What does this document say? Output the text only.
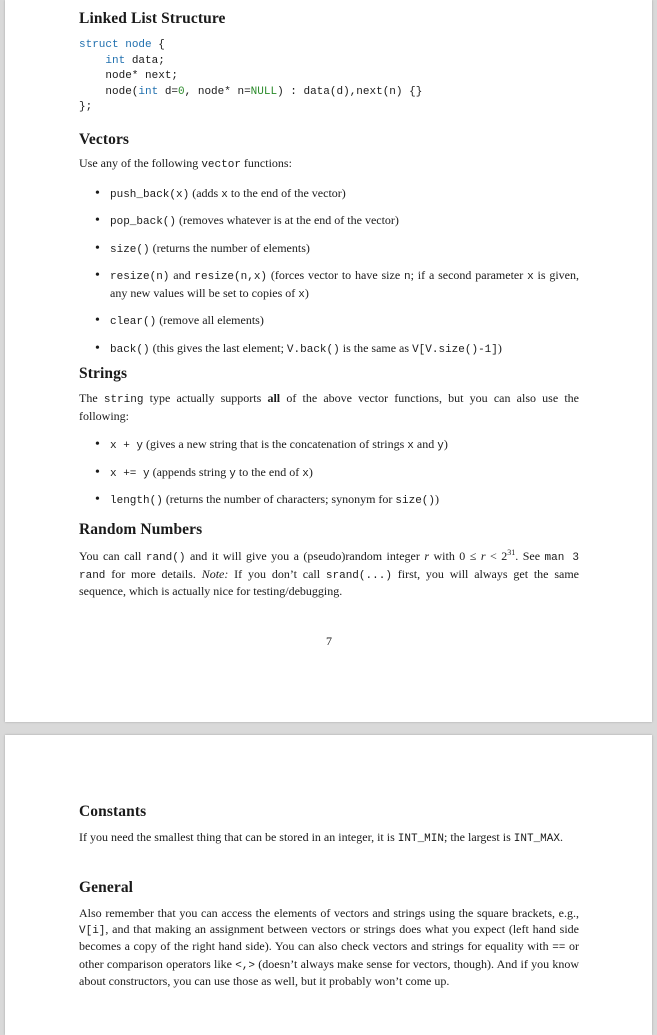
Linked List Structure
struct node {
int data;
node* next;
node(int d=0, node* n=NULL) : data(d),next(n) {}
};
Vectors

Use any of the following vector functions:

• push_back(x) (adds x to the end of the vector)
• pop_back() (removes whatever is at the end of the vector)
• size() (returns the number of elements)
• resize(n) and resize(n,x) (forces vector to have size n; if a second parameter x is given, any new values will be set to copies of x)
• clear() (remove all elements)
• back() (this gives the last element; V.back() is the same as V[V.size()-1])
Strings

The string type actually supports all of the above vector functions, but you can also use the following:

• x + y (gives a new string that is the concatenation of strings x and y)
• x += y (appends string y to the end of x)
• length() (returns the number of characters; synonym for size())
Random Numbers

You can call rand() and it will give you a (pseudo)random integer r with $0 \le r < 2^{31}$. See man 3 rand for more details. Note: If you don’t call srand(...) first, you will always get the same sequence, which is actually nice for testing/debugging.

7
Constants

If you need the smallest thing that can be stored in an integer, it is INT_MIN; the largest is INT_MAX.

General

Also remember that you can access the elements of vectors and strings using the square brackets, e.g., V[i], and that making an assignment between vectors or strings does what you expect (left hand side becomes a copy of the right hand side). You can also check vectors and strings for equality with == or other comparison operators like <,> (doesn’t always make sense for vectors, though). And if you know about constructors, you can use those as well, but it probably won’t come up.
